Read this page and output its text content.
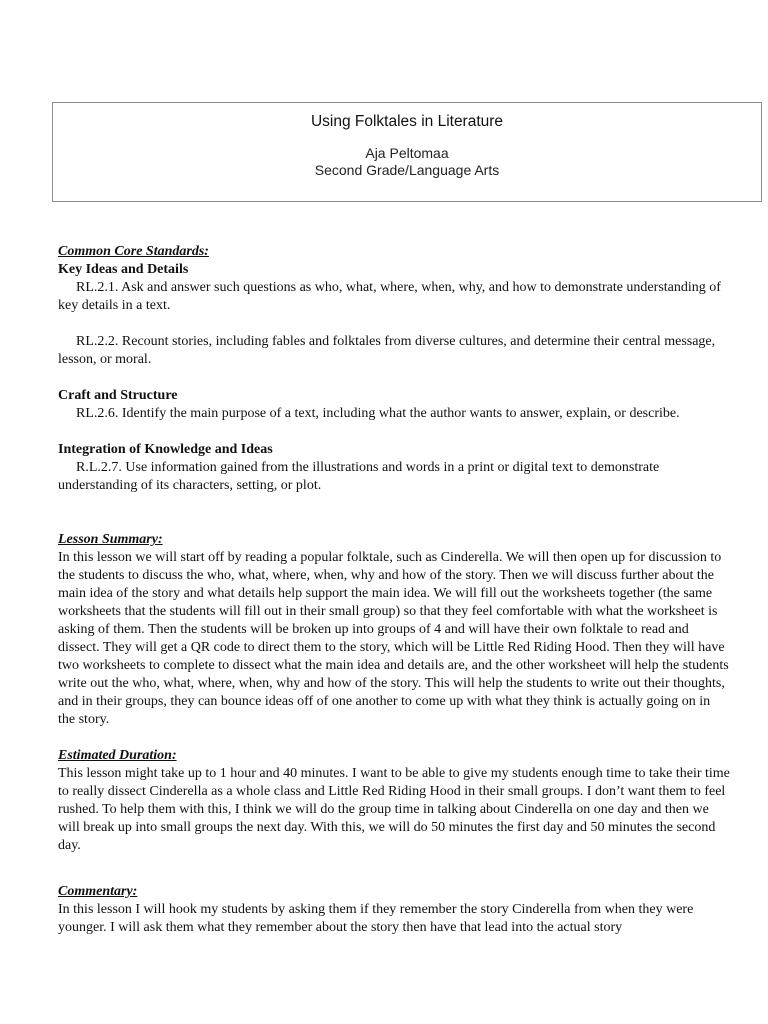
Using Folktales in Literature
Aja Peltomaa
Second Grade/Language Arts

Common Core Standards:

Key Ideas and Details

RL.2.1. Ask and answer such questions as who, what, where, when, why, and how to demonstrate understanding of key details in a text.

RL.2.2. Recount stories, including fables and folktales from diverse cultures, and determine their central message, lesson, or moral.

Craft and Structure

RL.2.6. Identify the main purpose of a text, including what the author wants to answer, explain, or describe.

Integration of Knowledge and Ideas

R.L.2.7. Use information gained from the illustrations and words in a print or digital text to demonstrate understanding of its characters, setting, or plot.

Lesson Summary:

In this lesson we will start off by reading a popular folktale, such as Cinderella. We will then open up for discussion to the students to discuss the who, what, where, when, why and how of the story. Then we will discuss further about the main idea of the story and what details help support the main idea. We will fill out the worksheets together (the same worksheets that the students will fill out in their small group) so that they feel comfortable with what the worksheet is asking of them. Then the students will be broken up into groups of 4 and will have their own folktale to read and dissect. They will get a QR code to direct them to the story, which will be Little Red Riding Hood. Then they will have two worksheets to complete to dissect what the main idea and details are, and the other worksheet will help the students write out the who, what, where, when, why and how of the story. This will help the students to write out their thoughts, and in their groups, they can bounce ideas off of one another to come up with what they think is actually going on in the story.

Estimated Duration:

This lesson might take up to 1 hour and 40 minutes. I want to be able to give my students enough time to take their time to really dissect Cinderella as a whole class and Little Red Riding Hood in their small groups. I don’t want them to feel rushed. To help them with this, I think we will do the group time in talking about Cinderella on one day and then we will break up into small groups the next day. With this, we will do 50 minutes the first day and 50 minutes the second day.

Commentary:

In this lesson I will hook my students by asking them if they remember the story Cinderella from when they were younger. I will ask them what they remember about the story then have that lead into the actual story
